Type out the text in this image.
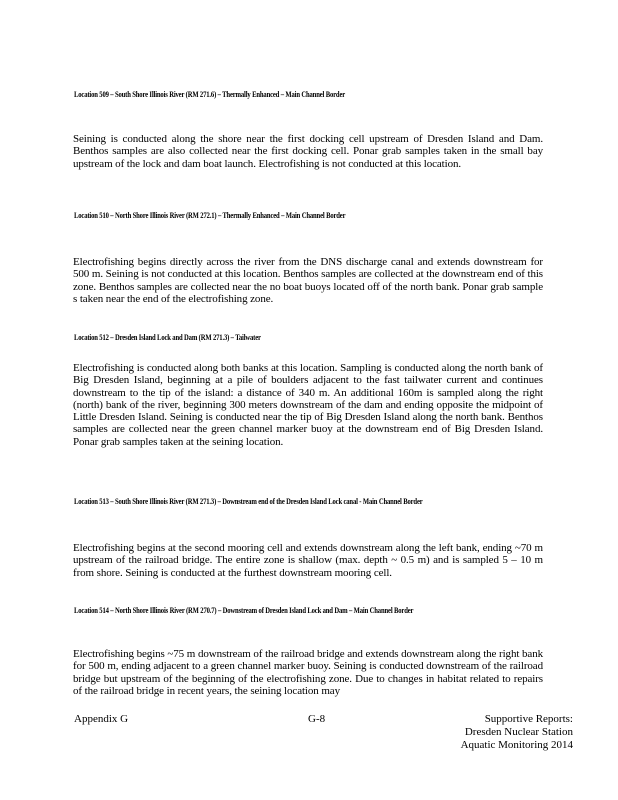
Location 509 – South Shore Illinois River (RM 271.6) – Thermally Enhanced – Main Channel Border
Seining is conducted along the shore near the first docking cell upstream of Dresden Island and Dam. Benthos samples are also collected near the first docking cell. Ponar grab samples taken in the small bay upstream of the lock and dam boat launch. Electrofishing is not conducted at this location.
Location 510 – North Shore Illinois River (RM 272.1) – Thermally Enhanced – Main Channel Border
Electrofishing begins directly across the river from the DNS discharge canal and extends downstream for 500 m. Seining is not conducted at this location. Benthos samples are collected at the downstream end of this zone. Benthos samples are collected near the no boat buoys located off of the north bank. Ponar grab sample s taken near the end of the electrofishing zone.
Location 512 – Dresden Island Lock and Dam (RM 271.3) – Tailwater
Electrofishing is conducted along both banks at this location. Sampling is conducted along the north bank of Big Dresden Island, beginning at a pile of boulders adjacent to the fast tailwater current and continues downstream to the tip of the island: a distance of 340 m. An additional 160m is sampled along the right (north) bank of the river, beginning 300 meters downstream of the dam and ending opposite the midpoint of Little Dresden Island. Seining is conducted near the tip of Big Dresden Island along the north bank. Benthos samples are collected near the green channel marker buoy at the downstream end of Big Dresden Island. Ponar grab samples taken at the seining location.
Location 513 – South Shore Illinois River (RM 271.3) – Downstream end of the Dresden Island Lock canal - Main Channel Border
Electrofishing begins at the second mooring cell and extends downstream along the left bank, ending ~70 m upstream of the railroad bridge. The entire zone is shallow (max. depth ~ 0.5 m) and is sampled 5 – 10 m from shore. Seining is conducted at the furthest downstream mooring cell.
Location 514 – North Shore Illinois River (RM 270.7) – Downstream of Dresden Island Lock and Dam – Main Channel Border
Electrofishing begins ~75 m downstream of the railroad bridge and extends downstream along the right bank for 500 m, ending adjacent to a green channel marker buoy. Seining is conducted downstream of the railroad bridge but upstream of the beginning of the electrofishing zone. Due to changes in habitat related to repairs of the railroad bridge in recent years, the seining location may
Appendix G	G-8	Supportive Reports:
Dresden Nuclear Station
Aquatic Monitoring 2014
